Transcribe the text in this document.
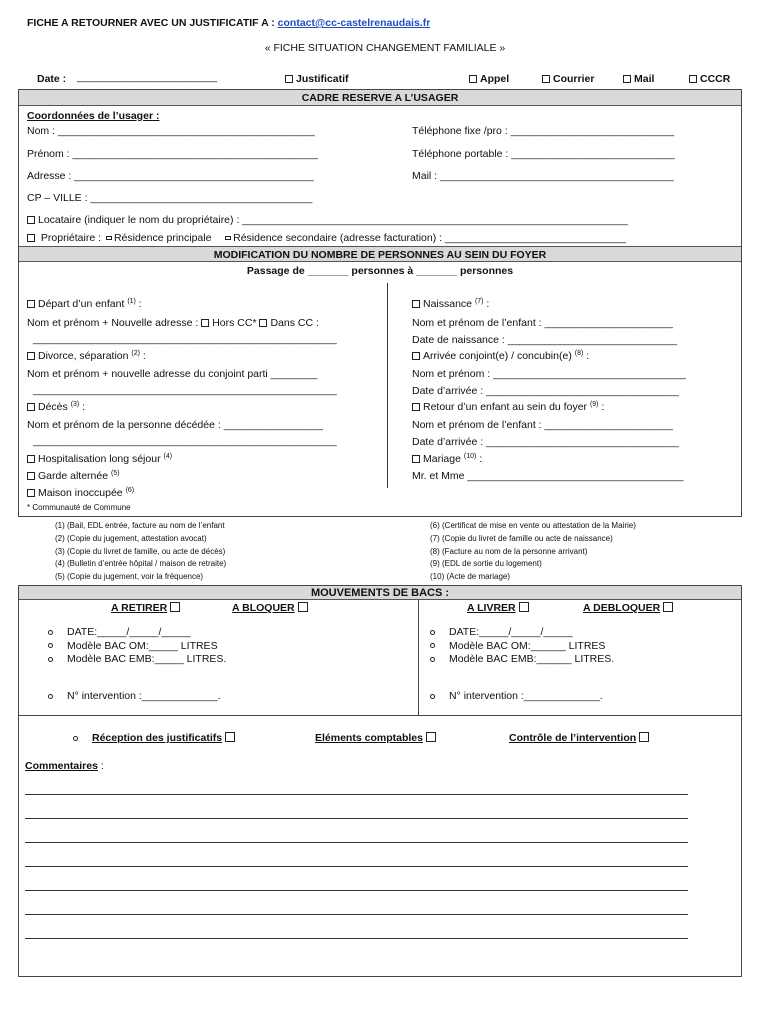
FICHE A RETOURNER AVEC UN JUSTIFICATIF A : contact@cc-castelrenaudais.fr
« FICHE SITUATION CHANGEMENT FAMILIALE »
Date : ________________________	Justificatif	Appel	Courrier	Mail	CCCR
CADRE RESERVE A L’USAGER
Coordonnées de l’usager :
Nom : ____________________________________________
Prénom : __________________________________________
Adresse : _________________________________________
CP – VILLE : ______________________________________
Téléphone fixe /pro : ____________________________
Téléphone portable : ____________________________
Mail : ________________________________________
Locataire (indiquer le nom du propriétaire) : __________________________________________________________________
Propriétaire : Résidence principale Résidence secondaire (adresse facturation) : _______________________________
MODIFICATION DU NOMBRE DE PERSONNES AU SEIN DU FOYER
Passage de _______ personnes à _______ personnes
Départ d’un enfant $^{(1)}$ :
Nom et prénom + Nouvelle adresse : Hors CC* Dans CC :
____________________________________________________
Divorce, séparation $^{(2)}$ :
Nom et prénom + nouvelle adresse du conjoint parti ________
____________________________________________________
Décès $^{(3)}$ :
Nom et prénom de la personne décédée : _________________
____________________________________________________
Hospitalisation long séjour $^{(4)}$
Garde alternée $^{(5)}$
Maison inoccupée $^{(6)}$
* Communauté de Commune
Naissance $^{(7)}$ :
Nom et prénom de l’enfant : ______________________
Date de naissance : _____________________________
Arrivée conjoint(e) / concubin(e) $^{(8)}$ :
Nom et prénom : _________________________________
Date d’arrivée : _________________________________
Retour d’un enfant au sein du foyer $^{(9)}$ :
Nom et prénom de l’enfant : ______________________
Date d’arrivée : _________________________________
Mariage $^{(10)}$ :
Mr. et Mme _____________________________________
(1) (Bail, EDL entrée, facture au nom de l’enfant
(2) (Copie du jugement, attestation avocat)
(3) (Copie du livret de famille, ou acte de décès)
(4) (Bulletin d’entrée hôpital / maison de retraite)
(5) (Copie du jugement, voir la fréquence)
(6) (Certificat de mise en vente ou attestation de la Mairie)
(7) (Copie du livret de famille ou acte de naissance)
(8) (Facture au nom de la personne arrivant)
(9) (EDL de sortie du logement)
(10) (Acte de mariage)
MOUVEMENTS DE BACS :
A RETIRER	A BLOQUER	A LIVRER	A DEBLOQUER
DATE:_____/_____/_____
Modèle BAC OM:_____ LITRES
Modèle BAC EMB:_____ LITRES.
N° intervention :_____________.
DATE:_____/_____/_____
Modèle BAC OM:______ LITRES
Modèle BAC EMB:______ LITRES.
N° intervention :_____________.
Réception des justificatifs	Eléments comptables	Contrôle de l’intervention
Commentaires :
